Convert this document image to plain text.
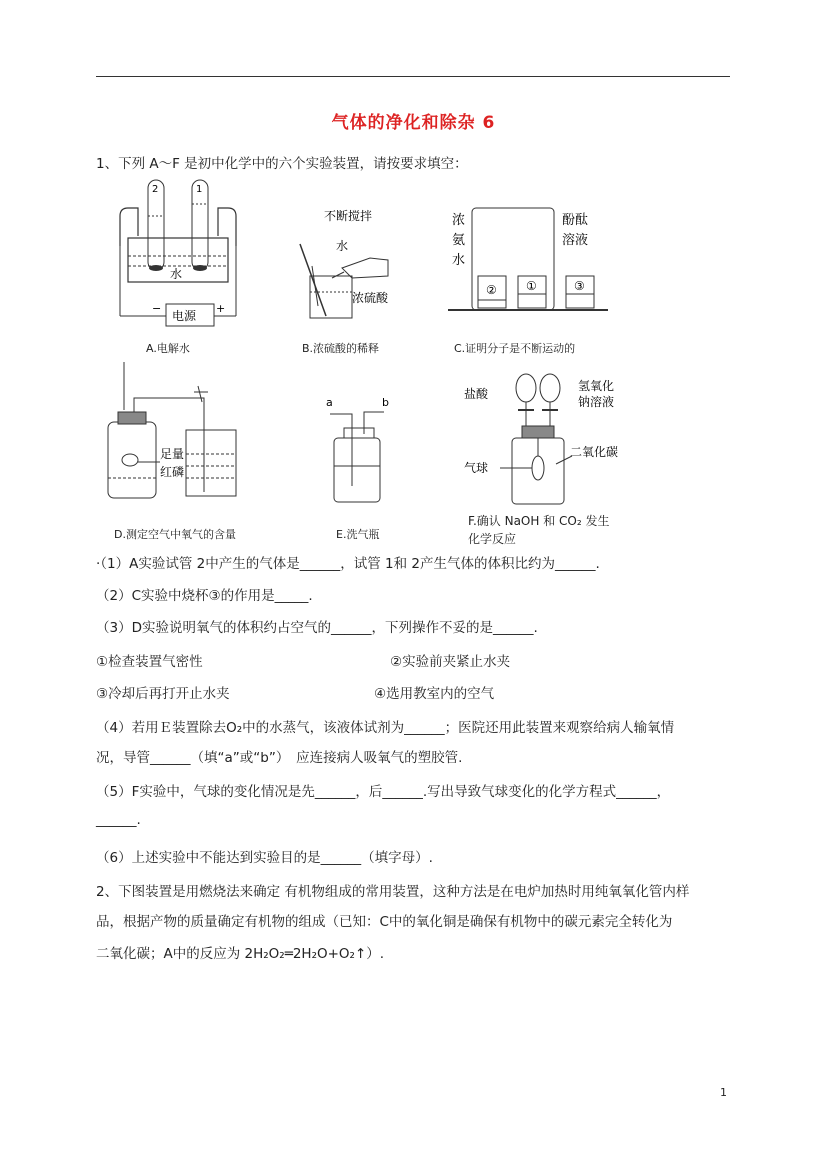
气体的净化和除杂 6
1、下列 A～F 是初中化学中的六个实验装置，请按要求填空：
2	1
水
−	+
电源
A.电解水
不断搅拌
水
浓硫酸
B.浓硫酸的稀释
浓
氨
水
酚酞
溶液
② ①	③
C.证明分子是不断运动的
足量
红磷
D.测定空气中氧气的含量
a	b
E.洗气瓶
盐酸
氢氧化
钠溶液
二氧化碳
气球
F.确认 NaOH 和 CO₂ 发生
化学反应
·（1）A实验试管 2中产生的气体是______，试管 1和 2产生气体的体积比约为______.
（2）C实验中烧杯③的作用是_____.
（3）D实验说明氧气的体积约占空气的______，下列操作不妥的是______.
①检查装置气密性	②实验前夹紧止水夹
③冷却后再打开止水夹	④选用教室内的空气
（4）若用Ｅ装置除去O₂中的水蒸气，该液体试剂为______；医院还用此装置来观察给病人输氧情
况，导管______（填“a”或“b”）　应连接病人吸氧气的塑胶管.
（5）F实验中，气球的变化情况是先______，后______.写出导致气球变化的化学方程式______，
______.
（6）上述实验中不能达到实验目的是______（填字母）.
2、下图装置是用燃烧法来确定 有机物组成的常用装置，这种方法是在电炉加热时用纯氧氧化管内样
品，根据产物的质量确定有机物的组成（已知：C中的氧化铜是确保有机物中的碳元素完全转化为
二氧化碳；A中的反应为 2H₂O₂═2H₂O+O₂↑）.
1
